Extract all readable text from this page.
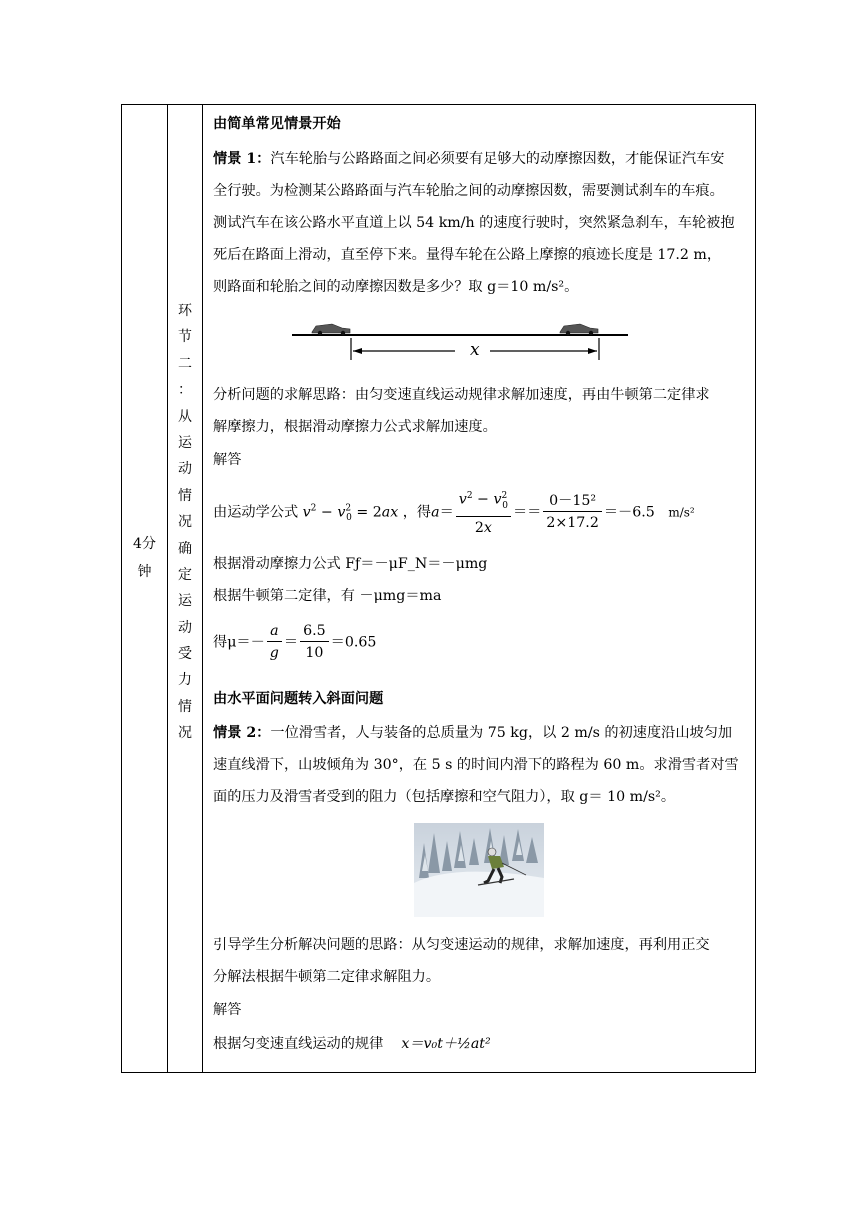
4分钟
环
节
二
：
从
运
动
情
况
确
定
运
动
受
力
情
况
由简单常见情景开始
情景 1：汽车轮胎与公路路面之间必须要有足够大的动摩擦因数，才能保证汽车安
全行驶。为检测某公路路面与汽车轮胎之间的动摩擦因数，需要测试刹车的车痕。
测试汽车在该公路水平直道上以 54 km/h 的速度行驶时，突然紧急刹车，车轮被抱
死后在路面上滑动，直至停下来。量得车轮在公路上摩擦的痕迹长度是 17.2 m，
则路面和轮胎之间的动摩擦因数是多少？取 g＝10 m/s²。
分析问题的求解思路：由匀变速直线运动规律求解加速度，再由牛顿第二定律求
解摩擦力，根据滑动摩擦力公式求解加速度。
解答
由运动学公式 $v^2 - v^2_0 = 2ax$ ，得$a= \frac{v^2 - v^2_0}{2x} == \frac{\text{0－15²}}{2\times 17.2} =-6.5$ m/s²
根据滑动摩擦力公式 Fƒ＝－μF_N＝－μmg
根据牛顿第二定律，有 －μmg＝ma
得$\mu=- \frac{a}{g} = \frac{6.5}{10} =0.65$
由水平面问题转入斜面问题
情景 2：一位滑雪者，人与装备的总质量为 75 kg，以 2 m/s 的初速度沿山坡匀加
速直线滑下，山坡倾角为 30°，在 5 s 的时间内滑下的路程为 60 m。求滑雪者对雪
面的压力及滑雪者受到的阻力（包括摩擦和空气阻力），取 g＝ 10 m/s²。
引导学生分析解决问题的思路：从匀变速运动的规律，求解加速度，再利用正交
分解法根据牛顿第二定律求解阻力。
解答
根据匀变速直线运动的规律 x＝v₀t＋½at²
x
